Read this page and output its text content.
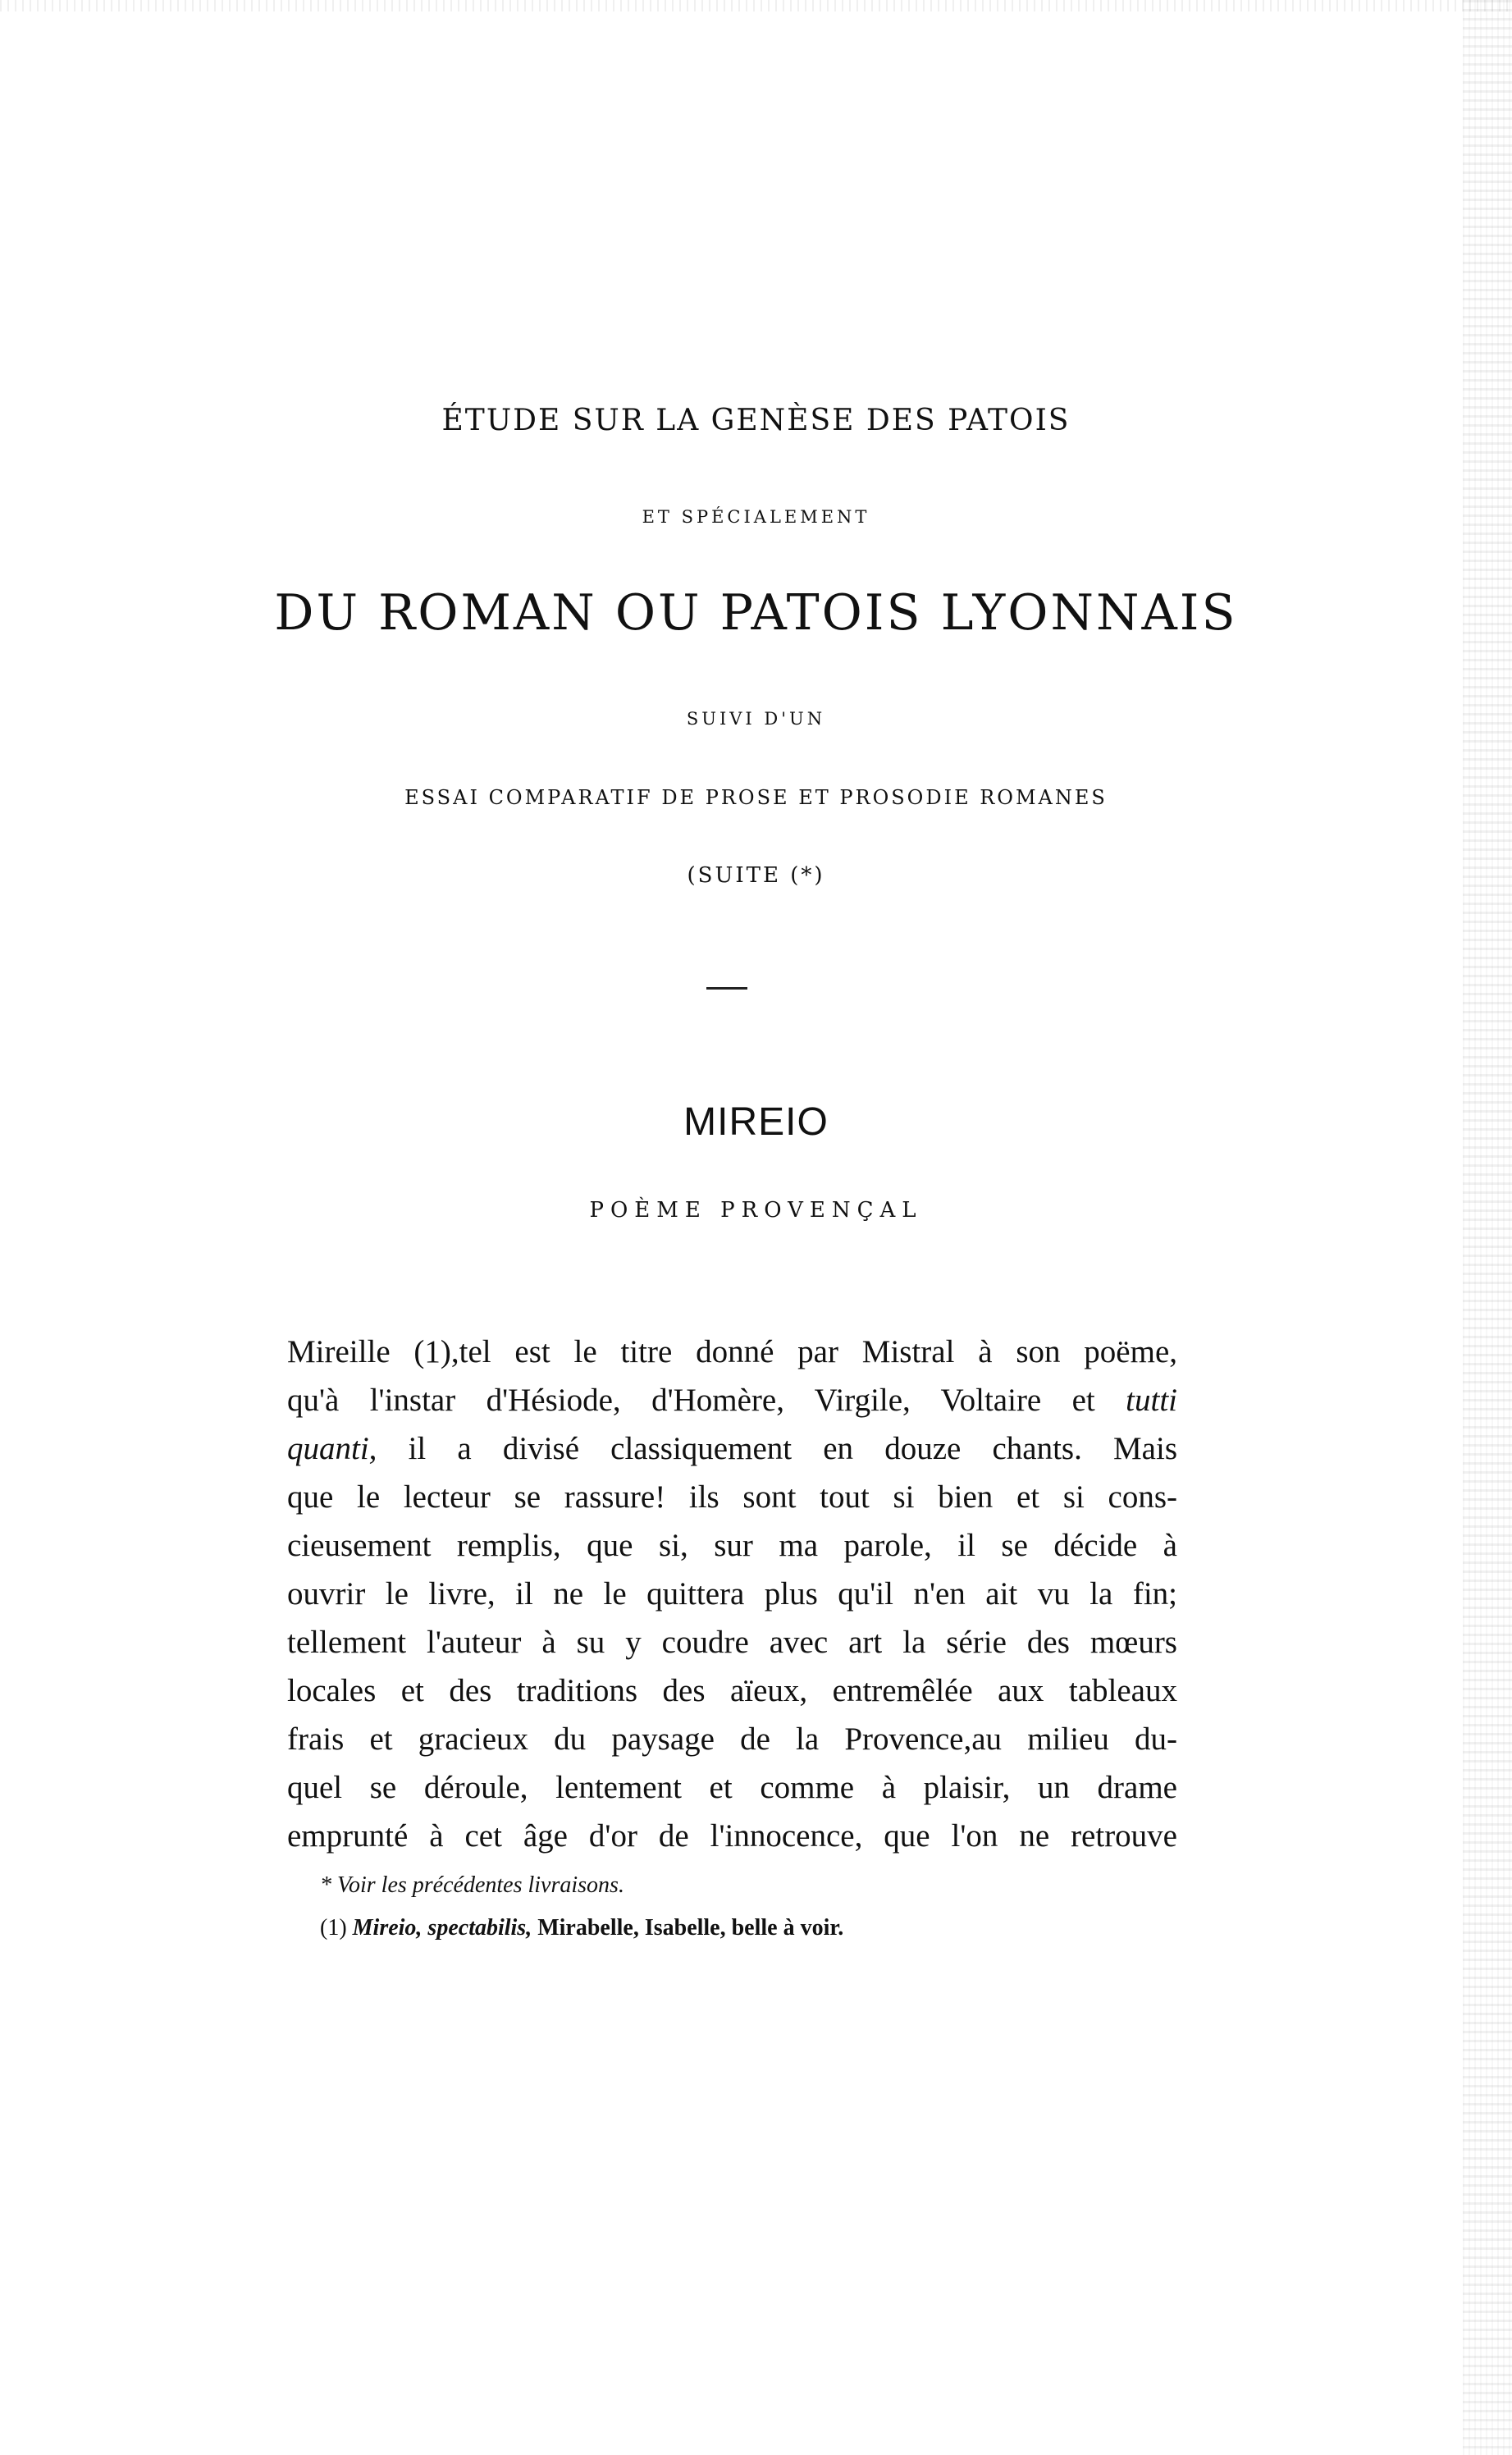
ÉTUDE SUR LA GENÈSE DES PATOIS
ET SPÉCIALEMENT
DU ROMAN OU PATOIS LYONNAIS
SUIVI D'UN
ESSAI COMPARATIF DE PROSE ET PROSODIE ROMANES
(SUITE (*)
MIREIO
POÈME PROVENÇAL
Mireille (1),tel est le titre donné par Mistral à son poëme,
qu'à l'instar d'Hésiode, d'Homère, Virgile, Voltaire et tutti
quanti, il a divisé classiquement en douze chants. Mais
que le lecteur se rassure! ils sont tout si bien et si cons-
cieusement remplis, que si, sur ma parole, il se décide à
ouvrir le livre, il ne le quittera plus qu'il n'en ait vu la fin;
tellement l'auteur à su y coudre avec art la série des mœurs
locales et des traditions des aïeux, entremêlée aux tableaux
frais et gracieux du paysage de la Provence,au milieu du-
quel se déroule, lentement et comme à plaisir, un drame
emprunté à cet âge d'or de l'innocence, que l'on ne retrouve
* Voir les précédentes livraisons.
(1) Mireio, spectabilis, Mirabelle, Isabelle, belle à voir.
